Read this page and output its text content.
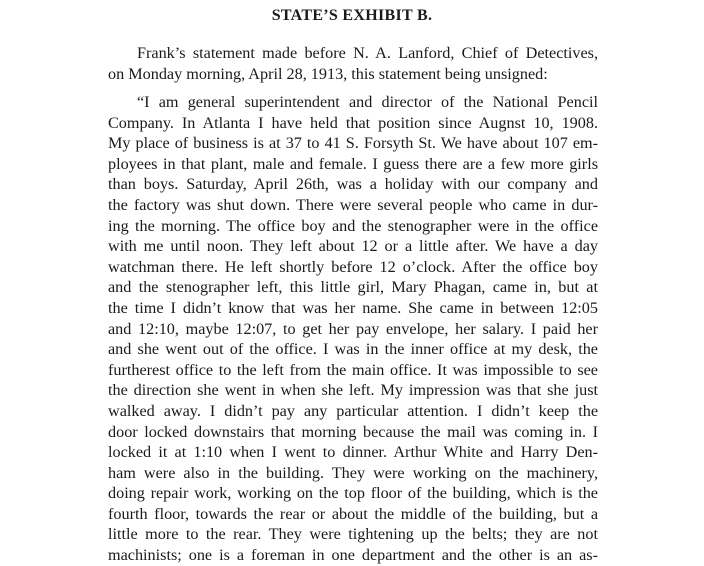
STATE’S EXHIBIT B.
Frank’s statement made before N. A. Lanford, Chief of Detectives,
on Monday morning, April 28, 1913, this statement being unsigned:
“I am general superintendent and director of the National Pencil
Company. In Atlanta I have held that position since Augnst 10, 1908.
My place of business is at 37 to 41 S. Forsyth St. We have about 107 em-
ployees in that plant, male and female. I guess there are a few more girls
than boys. Saturday, April 26th, was a holiday with our company and
the factory was shut down. There were several people who came in dur-
ing the morning. The office boy and the stenographer were in the office
with me until noon. They left about 12 or a little after. We have a day
watchman there. He left shortly before 12 o’clock. After the office boy
and the stenographer left, this little girl, Mary Phagan, came in, but at
the time I didn’t know that was her name. She came in between 12:05
and 12:10, maybe 12:07, to get her pay envelope, her salary. I paid her
and she went out of the office. I was in the inner office at my desk, the
furtherest office to the left from the main office. It was impossible to see
the direction she went in when she left. My impression was that she just
walked away. I didn’t pay any particular attention. I didn’t keep the
door locked downstairs that morning because the mail was coming in. I
locked it at 1:10 when I went to dinner. Arthur White and Harry Den-
ham were also in the building. They were working on the machinery,
doing repair work, working on the top floor of the building, which is the
fourth floor, towards the rear or about the middle of the building, but a
little more to the rear. They were tightening up the belts; they are not
machinists; one is a foreman in one department and the other is an as-
